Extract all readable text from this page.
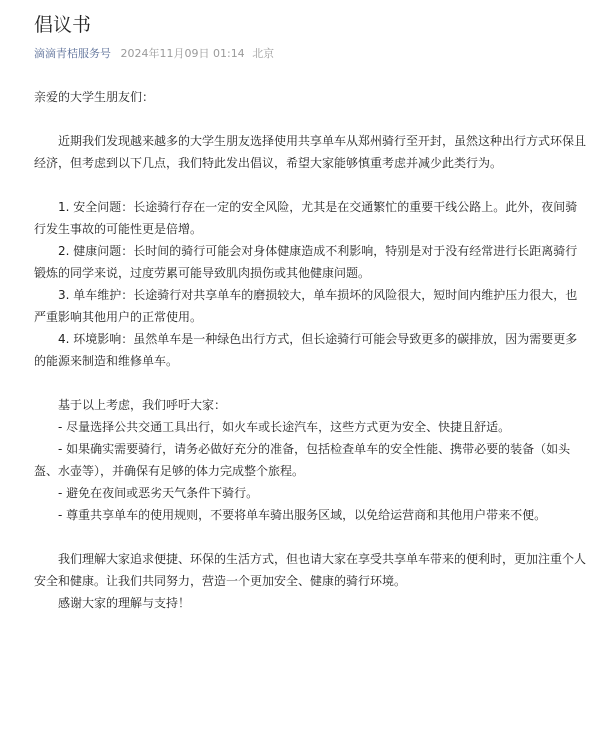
倡议书
滴滴青桔服务号 2024年11月09日 01:14 北京

亲爱的大学生朋友们：

近期我们发现越来越多的大学生朋友选择使用共享单车从郑州骑行至开封，虽然这种出行方式环保且经济，但考虑到以下几点，我们特此发出倡议，希望大家能够慎重考虑并减少此类行为。

1. 安全问题：长途骑行存在一定的安全风险，尤其是在交通繁忙的重要干线公路上。此外，夜间骑行发生事故的可能性更是倍增。

2. 健康问题：长时间的骑行可能会对身体健康造成不利影响，特别是对于没有经常进行长距离骑行锻炼的同学来说，过度劳累可能导致肌肉损伤或其他健康问题。

3. 单车维护：长途骑行对共享单车的磨损较大，单车损坏的风险很大，短时间内维护压力很大，也严重影响其他用户的正常使用。

4. 环境影响：虽然单车是一种绿色出行方式，但长途骑行可能会导致更多的碳排放，因为需要更多的能源来制造和维修单车。

基于以上考虑，我们呼吁大家：

- 尽量选择公共交通工具出行，如火车或长途汽车，这些方式更为安全、快捷且舒适。

- 如果确实需要骑行，请务必做好充分的准备，包括检查单车的安全性能、携带必要的装备（如头盔、水壶等），并确保有足够的体力完成整个旅程。

- 避免在夜间或恶劣天气条件下骑行。

- 尊重共享单车的使用规则，不要将单车骑出服务区域，以免给运营商和其他用户带来不便。

我们理解大家追求便捷、环保的生活方式，但也请大家在享受共享单车带来的便利时，更加注重个人安全和健康。让我们共同努力，营造一个更加安全、健康的骑行环境。

感谢大家的理解与支持！
